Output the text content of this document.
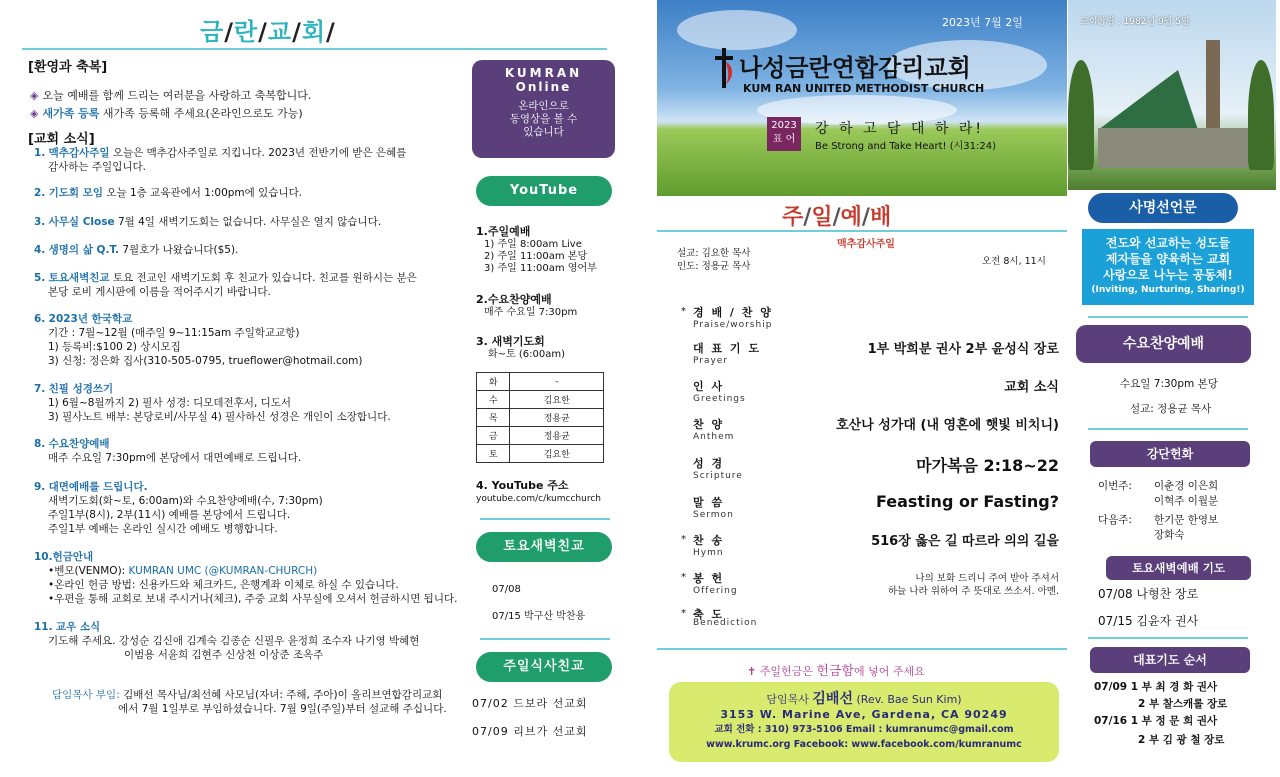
금/란/교/회/
[환영과 축복]
◈ 오늘 예배를 함께 드리는 여러분을 사랑하고 축복합니다.
◈ 새가족 등록 새가족 등록해 주세요(온라인으로도 가능)
[교회 소식]
1. 맥추감사주일 오늘은 맥추감사주일로 지킵니다. 2023년 전반기에 받은 은혜를
감사하는 주일입니다.
2. 기도회 모임 오늘 1층 교육관에서 1:00pm에 있습니다.
3. 사무실 Close 7월 4일 새벽기도회는 없습니다. 사무실은 열지 않습니다.
4. 생명의 삶 Q.T. 7월호가 나왔습니다($5).
5. 토요새벽친교 토요 전교인 새벽기도회 후 친교가 있습니다. 친교를 원하시는 분은
본당 로비 게시판에 이름을 적어주시기 바랍니다.
6. 2023년 한국학교
기간 : 7월~12월 (매주일 9~11:15am 주일학교교항)
1) 등록비:$100 2) 상시모집
3) 신청: 정은화 집사(310-505-0795, trueflower@hotmail.com)
7. 친필 성경쓰기
1) 6월~8월까지 2) 필사 성경: 디모데전후서, 디도서
3) 필사노트 배부: 본당로비/사무실 4) 필사하신 성경은 개인이 소장합니다.
8. 수요찬양예배
매주 수요일 7:30pm에 본당에서 대면예배로 드립니다.
9. 대면예배를 드립니다.
새벽기도회(화~토, 6:00am)와 수요찬양예배(수, 7:30pm)
주일1부(8시), 2부(11시) 예배를 본당에서 드립니다.
주일1부 예배는 온라인 실시간 예배도 병행합니다.
10.헌금안내
•벤모(VENMO): KUMRAN UMC (@KUMRAN-CHURCH)
•온라인 헌금 방법: 신용카드와 체크카드, 은행계좌 이체로 하실 수 있습니다.
•우편을 통해 교회로 보내 주시거나(체크), 주중 교회 사무실에 오셔서 헌금하시면 됩니다.
11. 교우 소식
기도해 주세요. 강성순 김신애 김계숙 김종순 신필우 윤정희 조수자 나기영 박혜현
이범용 서윤희 김현주 신상천 이상준 조옥주
담임목사 부임: 김배선 목사님/최선혜 사모님(자녀: 주해, 주아)이 올리브연합감리교회
에서 7월 1일부로 부임하셨습니다. 7월 9일(주일)부터 설교해 주십니다.
KUMRAN
Online
온라인으로
동영상을 볼 수
있습니다
YouTube
1.주일예배
1) 주일 8:00am Live
2) 주일 11:00am 본당
3) 주일 11:00am 영어부
2.수요찬양예배
매주 수요일 7:30pm
3. 새벽기도회
화~토 (6:00am)
화	-
수	김요한
목	정용균
금	정용균
토	김요한
4. YouTube 주소
youtube.com/c/kumcchurch
토요새벽친교
07/08
07/15 박구산 박찬용
주일식사친교
07/02 드보라 선교회
07/09 리브가 선교회
2023년 7월 2일
나성금란연합감리교회
KUM RAN UNITED METHODIST CHURCH
2023
표 어
강 하 고 담 대 하 라!
Be Strong and Take Heart! (시31:24)
주/일/예/배
맥추감사주일
설교: 김요한 목사
인도: 정용균 목사	오전 8시, 11시
* 경 배 / 찬 양
Praise/worship
대 표 기 도
Prayer
1부 박희분 권사 2부 윤성식 장로
인 사
Greetings
교회 소식
찬 양
Anthem
호산나 성가대 (내 영혼에 햇빛 비치니)
성 경
Scripture
마가복음 2:18~22
말 씀
Sermon
Feasting or Fasting?
* 찬 송
Hymn
516장 옳은 길 따르라 의의 길을
* 봉 헌
Offering
나의 보화 드리니 주여 받아 주셔서
하늘 나라 위하여 주 뜻대로 쓰소서. 아멘.
* 축 도
Benediction
✝ 주일헌금은 헌금함에 넣어 주세요
담임목사 김배선 (Rev. Bae Sun Kim)
3153 W. Marine Ave, Gardena, CA 90249
교회 전화 : 310) 973-5106 Email : kumranumc@gmail.com
www.krumc.org Facebook: www.facebook.com/kumranumc
교회창립 : 1982년 9월 5일
사명선언문
전도와 선교하는 성도들
제자들을 양육하는 교회
사랑으로 나누는 공동체!
(Inviting, Nurturing, Sharing!)
수요찬양예배
수요일 7:30pm 본당
설교: 정용균 목사
강단헌화
이번주: 이춘경 이은희

이혁주 이월분
다음주: 한기문 한영보

장화숙
토요새벽예배 기도
07/08 나형찬 장로
07/15 김윤자 권사
대표기도 순서
07/09 1 부 최 경 화 권사
2 부 찰스캐롤 장로
07/16 1 부 정 문 희 권사
2 부 김 광 철 장로
